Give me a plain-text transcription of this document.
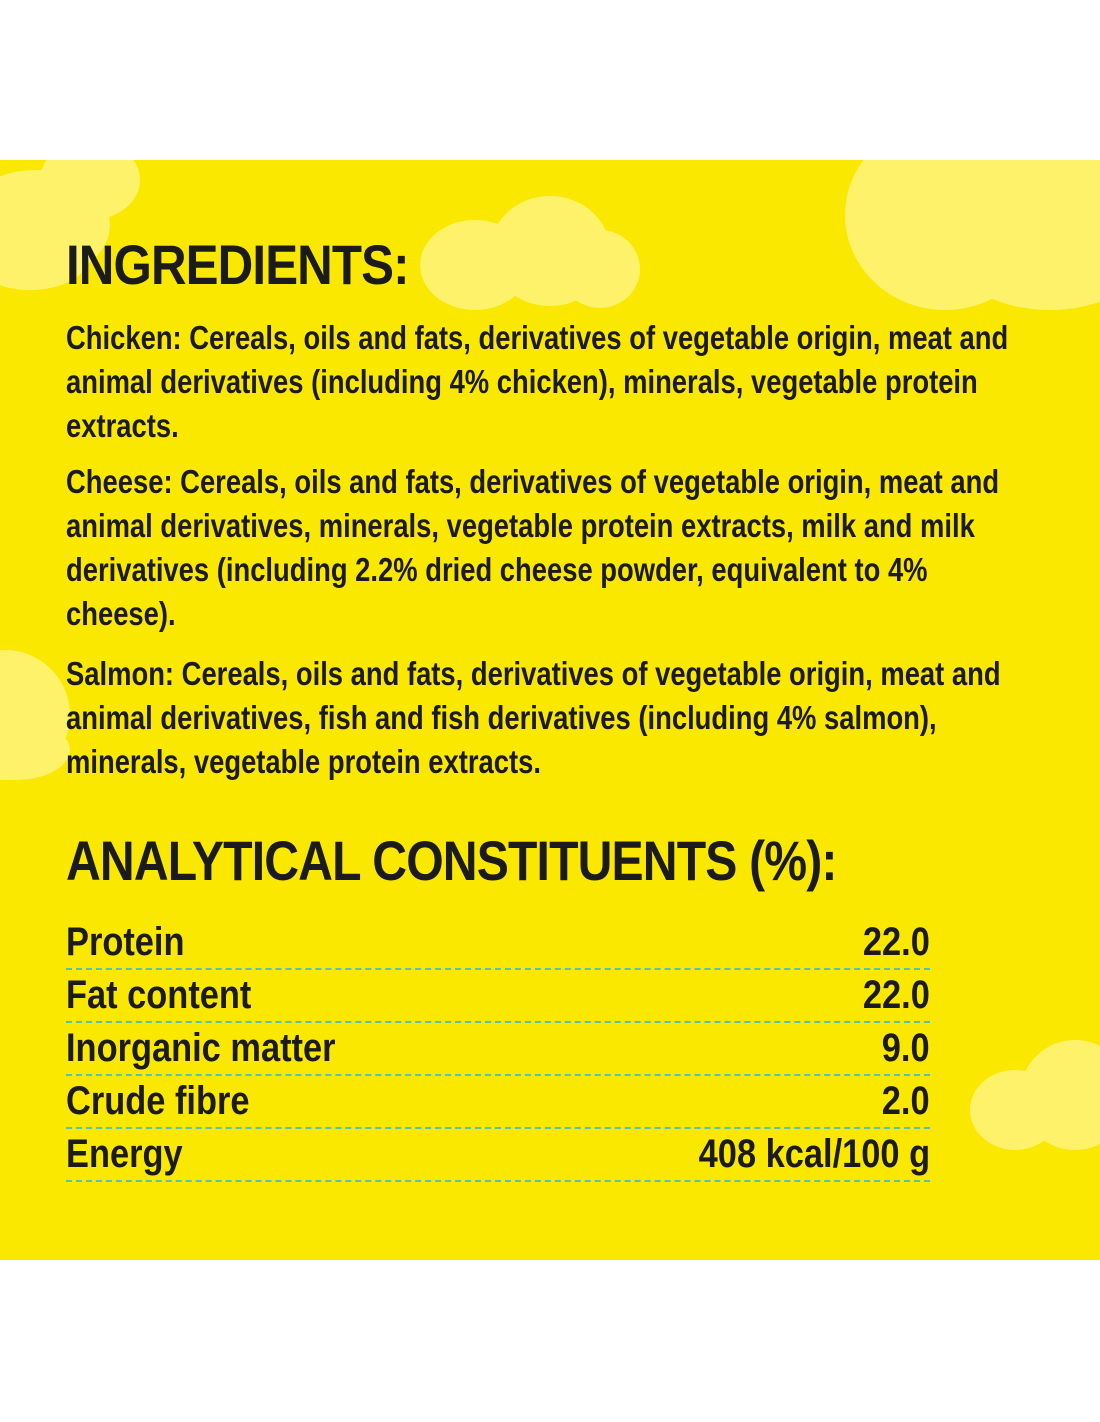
INGREDIENTS:

Chicken: Cereals, oils and fats, derivatives of vegetable origin, meat and animal derivatives (including 4% chicken), minerals, vegetable protein extracts.

Cheese: Cereals, oils and fats, derivatives of vegetable origin, meat and animal derivatives, minerals, vegetable protein extracts, milk and milk derivatives (including 2.2% dried cheese powder, equivalent to 4% cheese).

Salmon: Cereals, oils and fats, derivatives of vegetable origin, meat and animal derivatives, fish and fish derivatives (including 4% salmon), minerals, vegetable protein extracts.

ANALYTICAL CONSTITUENTS (%):
Protein	22.0
Fat content	22.0
Inorganic matter	9.0
Crude fibre	2.0
Energy	408 kcal/100 g
